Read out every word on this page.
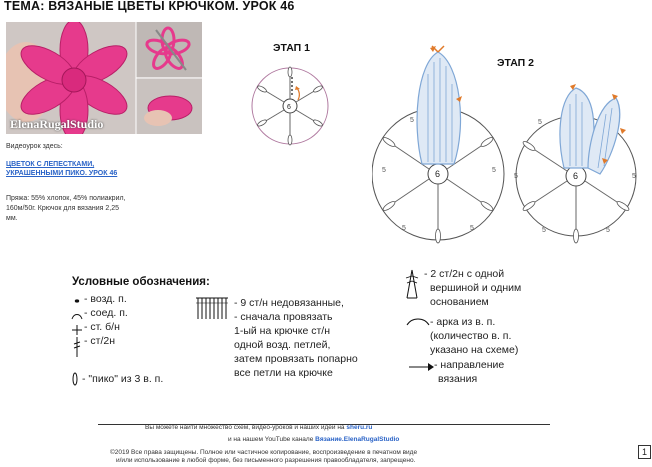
ТЕМА: ВЯЗАНЫЕ ЦВЕТЫ КРЮЧКОМ. УРОК 46
ElenaRugalStudio
Видеоурок здесь:
ЦВЕТОК С ЛЕПЕСТКАМИ,
УКРАШЕННЫМИ ПИКО. УРОК 46
Пряжа: 55% хлопок, 45% полиакрил,
160м/50г. Крючок для вязания 2,25
мм.
ЭТАП 1
ЭТАП 2
6
6
5
5
5	5
5
6
5
5	5
5
5
Условные обозначения:
- возд. п.
- соед. п.
- ст. б/н
- ст/2н
- "пико" из 3 в. п.
- 9 ст/н недовязанные,
- сначала провязать
1-ый на крючке ст/н
одной возд. петлей,
затем провязать попарно
все петли на крючке
- 2 ст/2н с одной
вершиной и одним
основанием
- арка из в. п.
(количество в. п.
указано на схеме)
- направление
вязания
Вы можете найти множество схем, видео-уроков и наших идей на sheru.ru
и на нашем YouTube канале Вязание.ElenaRugalStudio
©2019 Все права защищены. Полное или частичное копирование, воспроизведение в печатном виде
и/или использование в любой форме, без письменного разрешения правообладателя, запрещено.
1
